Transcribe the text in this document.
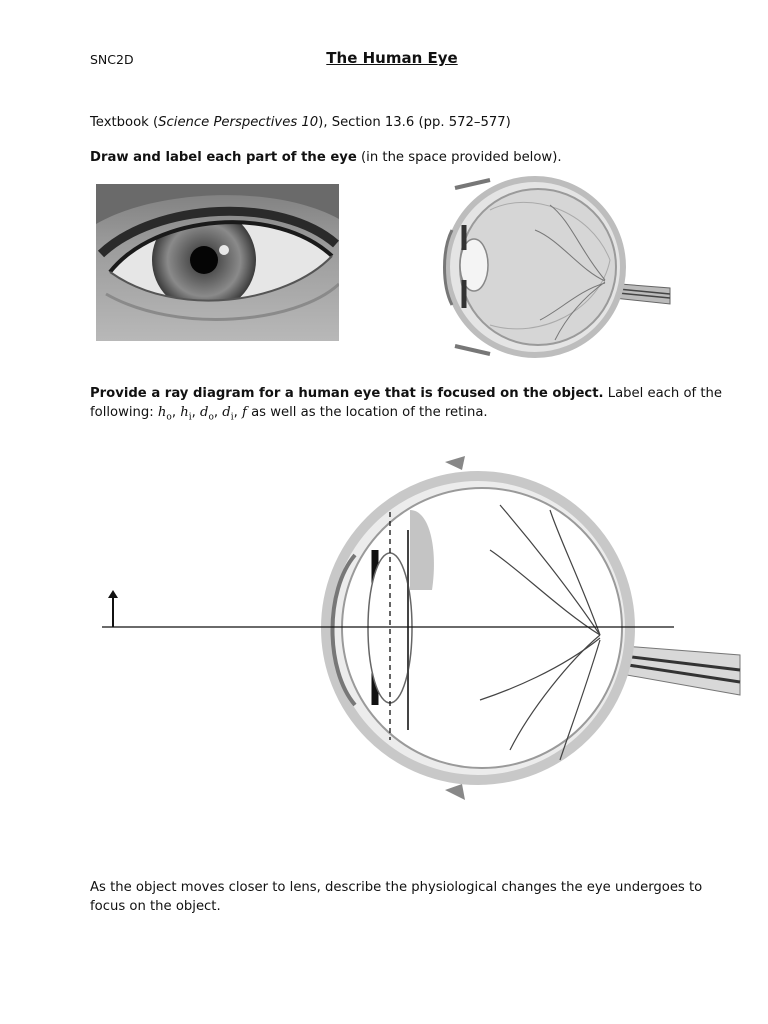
SNC2D	The Human Eye
Textbook (Science Perspectives 10), Section 13.6 (pp. 572–577)
Draw and label each part of the eye (in the space provided below).
Provide a ray diagram for a human eye that is focused on the object. Label each of the
following: $h_o$, $h_i$, $d_o$, $d_i$, f as well as the location of the retina.
As the object moves closer to lens, describe the physiological changes the eye undergoes to
focus on the object.
